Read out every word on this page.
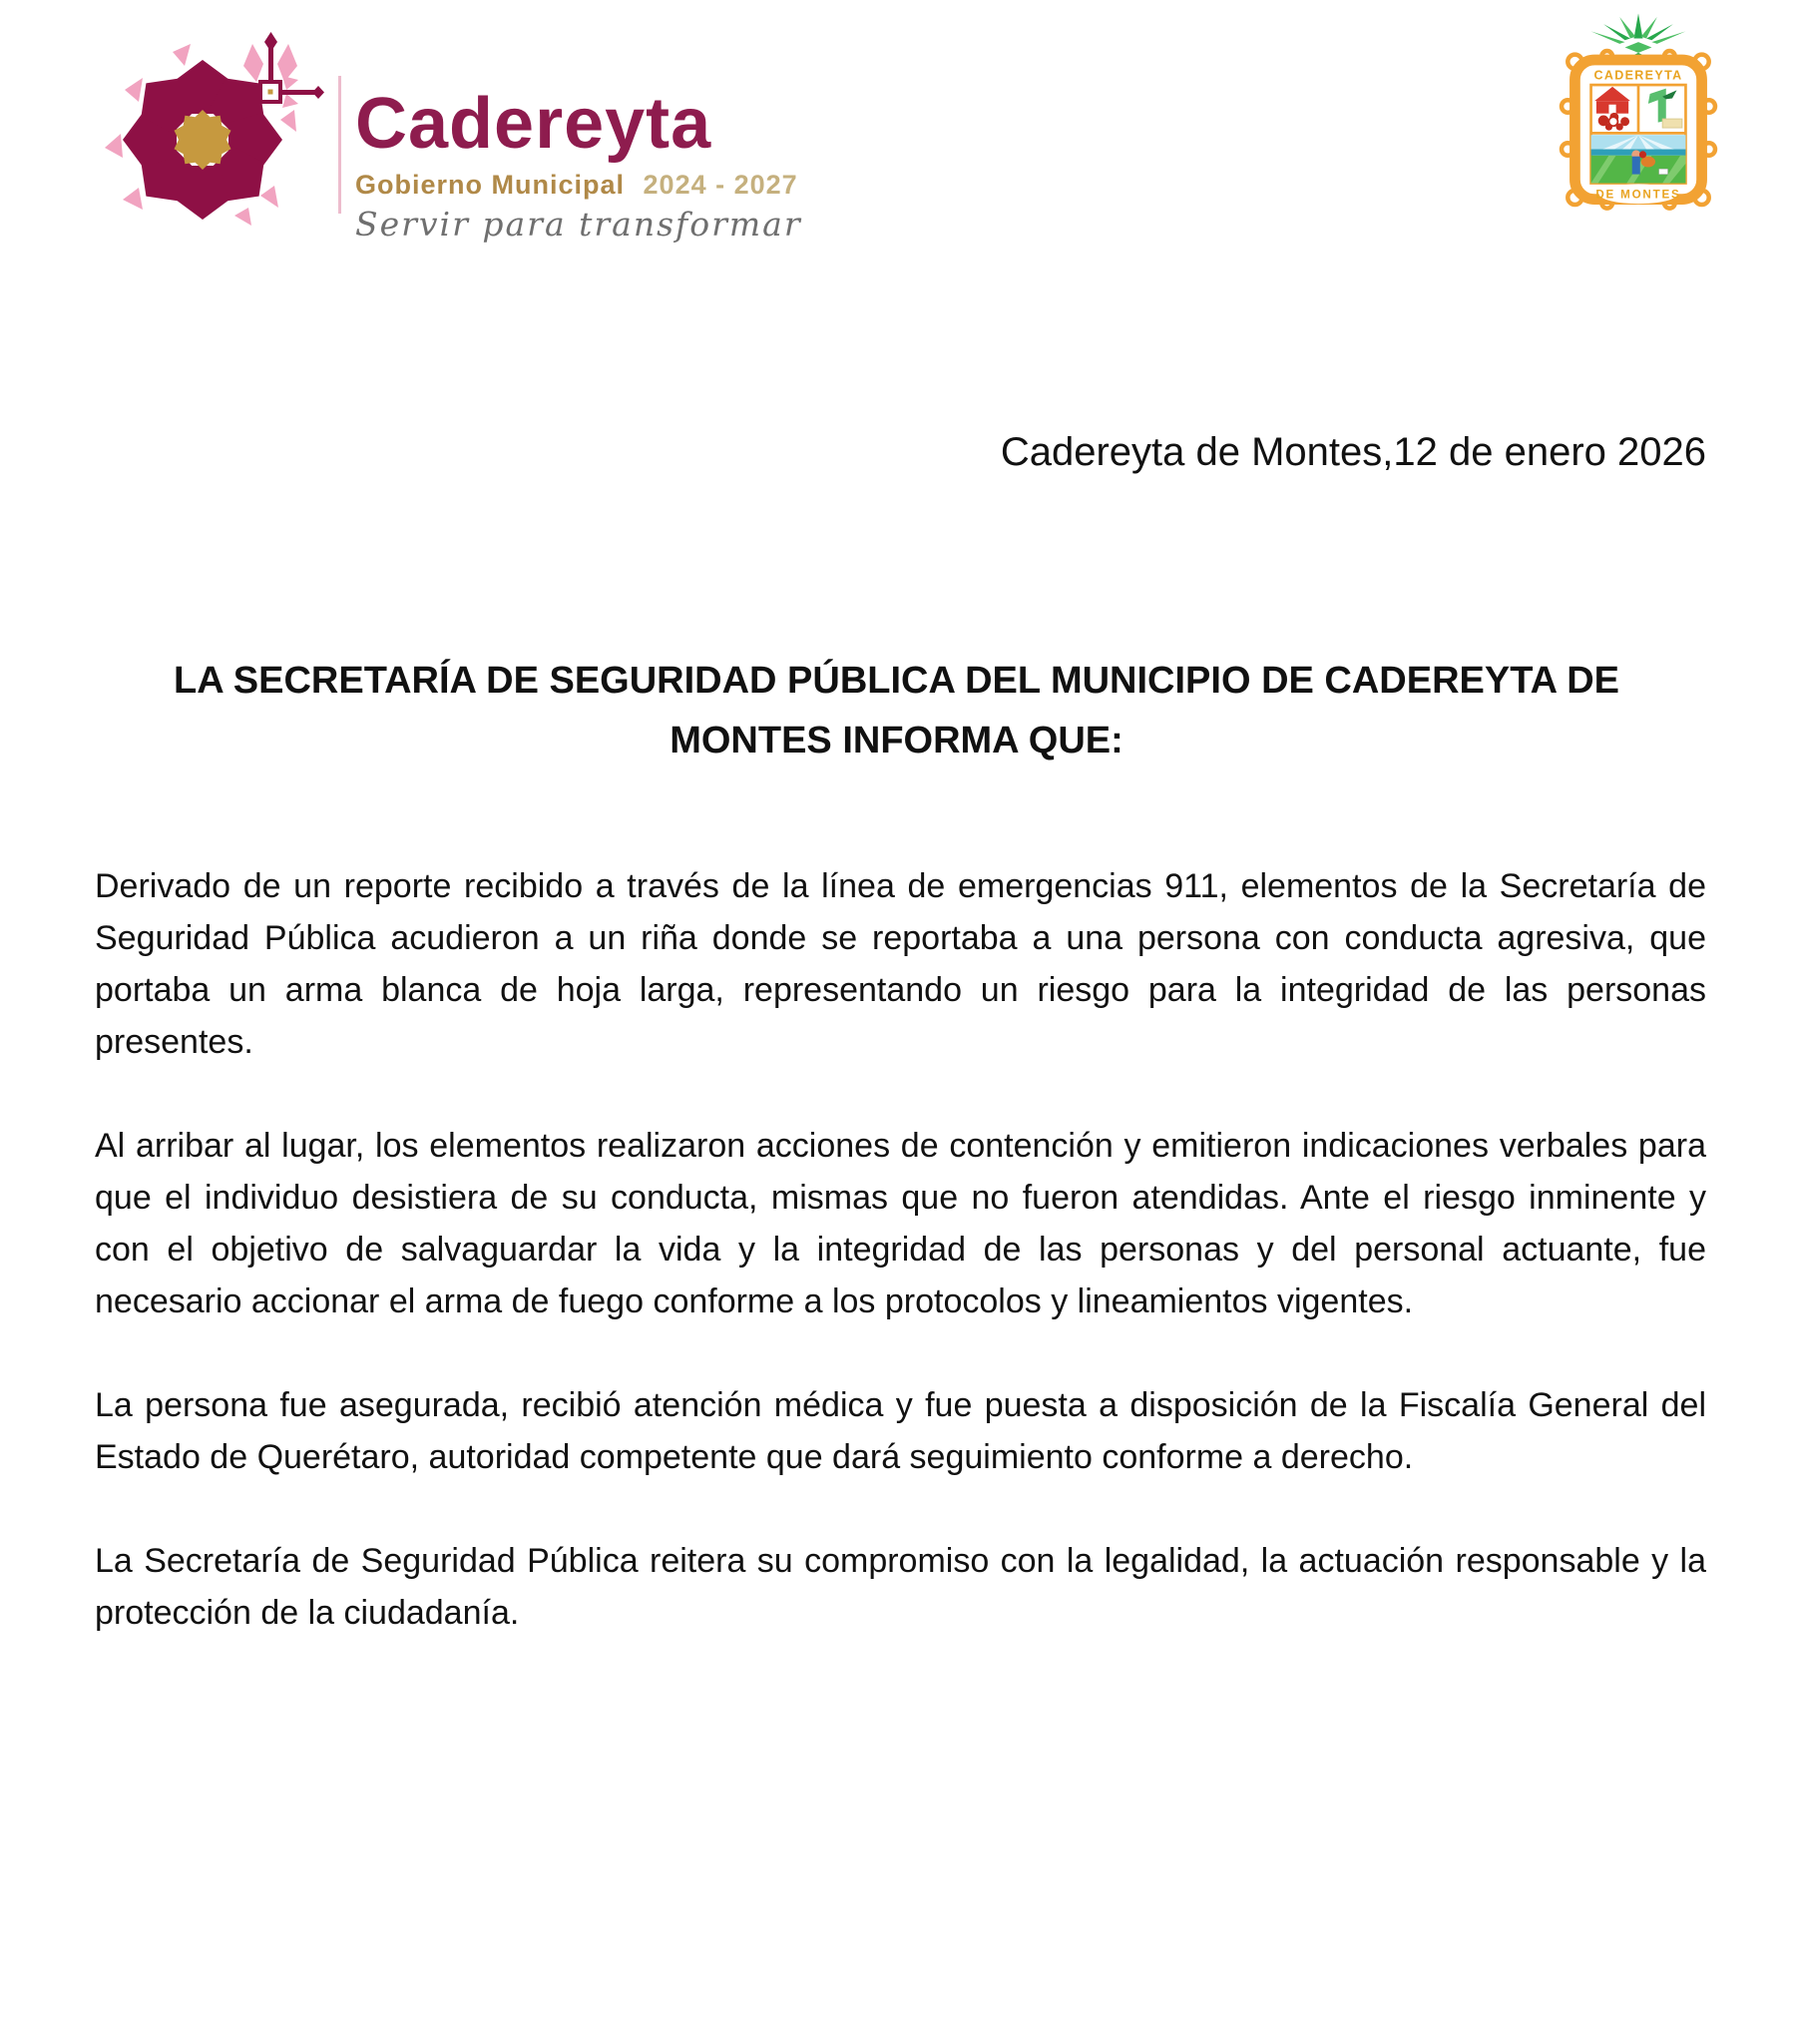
Cadereyta
Gobierno Municipal 2024 - 2027
Servir para transformar
CADEREYTA
DE MONTES
Cadereyta de Montes,12 de enero 2026
LA SECRETARÍA DE SEGURIDAD PÚBLICA DEL MUNICIPIO DE CADEREYTA DE MONTES INFORMA QUE:

Derivado de un reporte recibido a través de la línea de emergencias 911, elementos de la Secretaría de Seguridad Pública acudieron a un riña donde se reportaba a una persona con conducta agresiva, que portaba un arma blanca de hoja larga, representando un riesgo para la integridad de las personas presentes.

Al arribar al lugar, los elementos realizaron acciones de contención y emitieron indicaciones verbales para que el individuo desistiera de su conducta, mismas que no fueron atendidas. Ante el riesgo inminente y con el objetivo de salvaguardar la vida y la integridad de las personas y del personal actuante, fue necesario accionar el arma de fuego conforme a los protocolos y lineamientos vigentes.

La persona fue asegurada, recibió atención médica y fue puesta a disposición de la Fiscalía General del Estado de Querétaro, autoridad competente que dará seguimiento conforme a derecho.

La Secretaría de Seguridad Pública reitera su compromiso con la legalidad, la actuación responsable y la protección de la ciudadanía.
